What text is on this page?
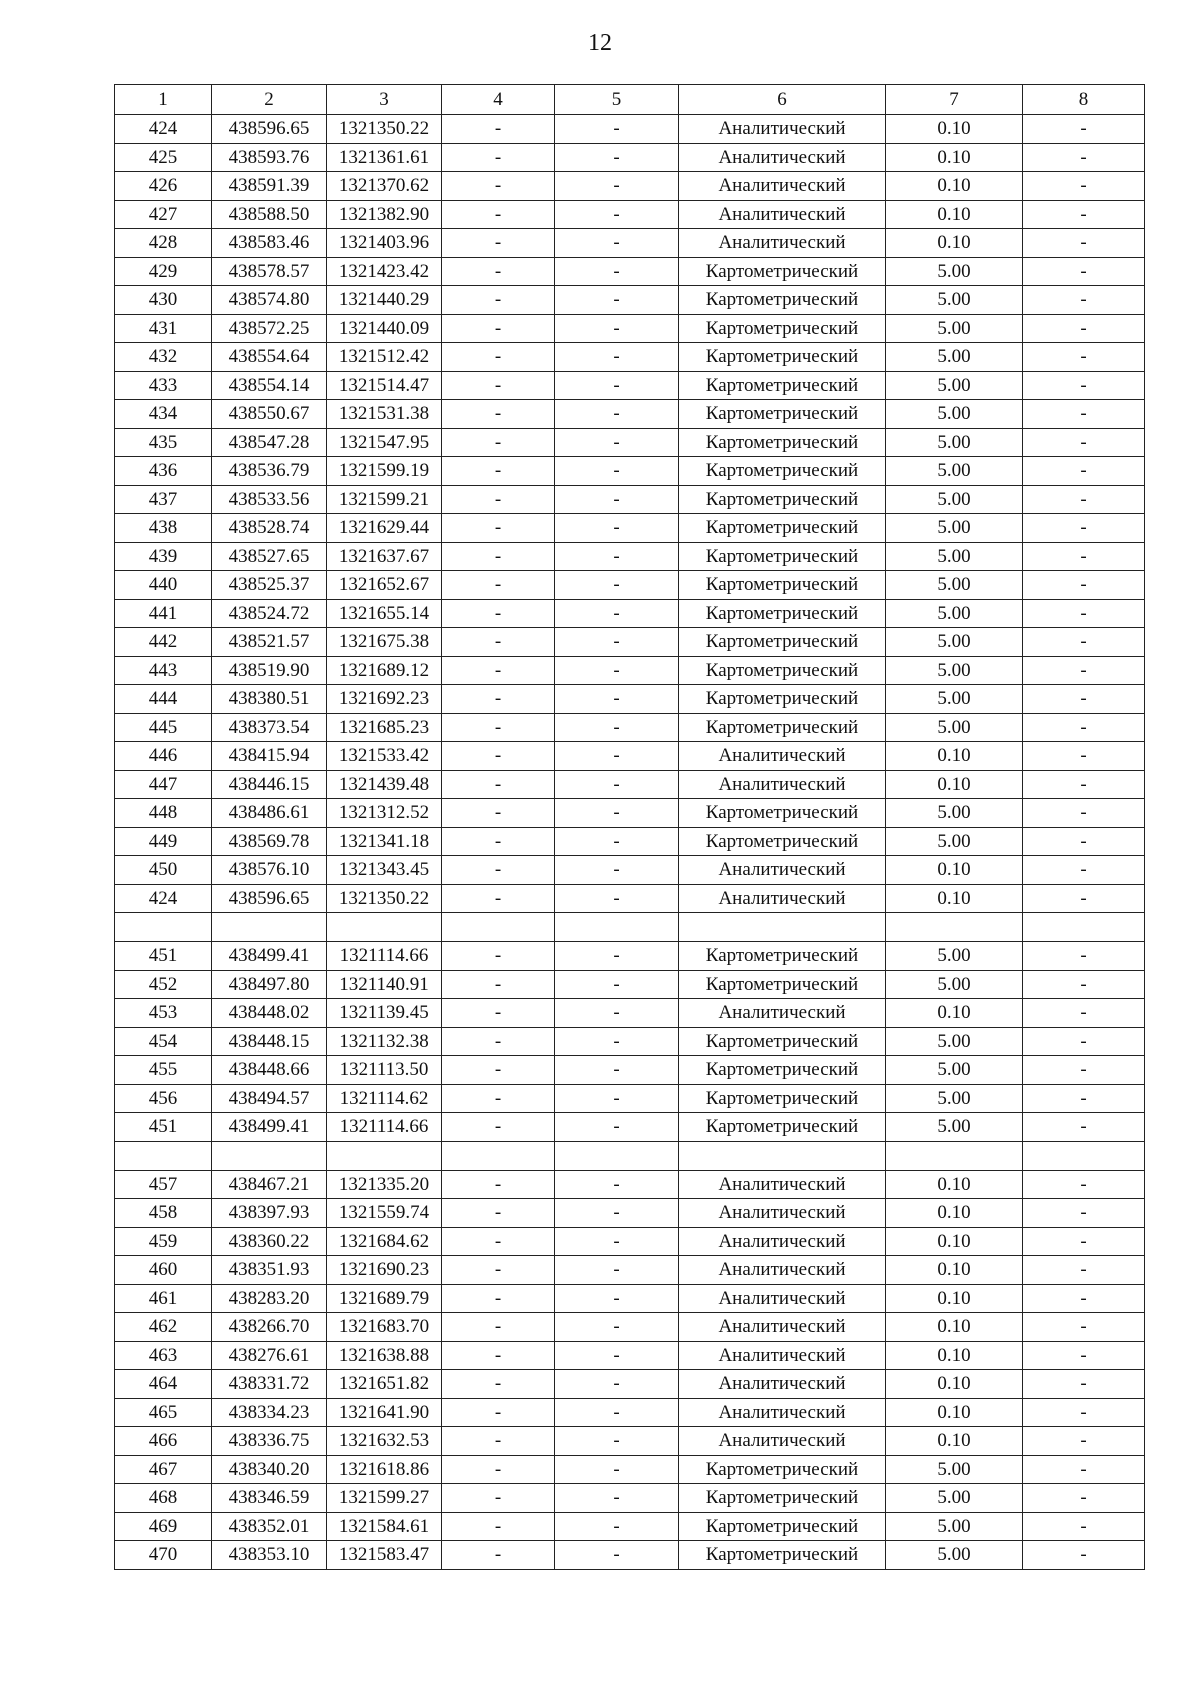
12
1	2	3	4	5	6	7	8
424	438596.65	1321350.22	-	-	Аналитический	0.10	-
425	438593.76	1321361.61	-	-	Аналитический	0.10	-
426	438591.39	1321370.62	-	-	Аналитический	0.10	-
427	438588.50	1321382.90	-	-	Аналитический	0.10	-
428	438583.46	1321403.96	-	-	Аналитический	0.10	-
429	438578.57	1321423.42	-	-	Картометрический	5.00	-
430	438574.80	1321440.29	-	-	Картометрический	5.00	-
431	438572.25	1321440.09	-	-	Картометрический	5.00	-
432	438554.64	1321512.42	-	-	Картометрический	5.00	-
433	438554.14	1321514.47	-	-	Картометрический	5.00	-
434	438550.67	1321531.38	-	-	Картометрический	5.00	-
435	438547.28	1321547.95	-	-	Картометрический	5.00	-
436	438536.79	1321599.19	-	-	Картометрический	5.00	-
437	438533.56	1321599.21	-	-	Картометрический	5.00	-
438	438528.74	1321629.44	-	-	Картометрический	5.00	-
439	438527.65	1321637.67	-	-	Картометрический	5.00	-
440	438525.37	1321652.67	-	-	Картометрический	5.00	-
441	438524.72	1321655.14	-	-	Картометрический	5.00	-
442	438521.57	1321675.38	-	-	Картометрический	5.00	-
443	438519.90	1321689.12	-	-	Картометрический	5.00	-
444	438380.51	1321692.23	-	-	Картометрический	5.00	-
445	438373.54	1321685.23	-	-	Картометрический	5.00	-
446	438415.94	1321533.42	-	-	Аналитический	0.10	-
447	438446.15	1321439.48	-	-	Аналитический	0.10	-
448	438486.61	1321312.52	-	-	Картометрический	5.00	-
449	438569.78	1321341.18	-	-	Картометрический	5.00	-
450	438576.10	1321343.45	-	-	Аналитический	0.10	-
424	438596.65	1321350.22	-	-	Аналитический	0.10	-

451	438499.41	1321114.66	-	-	Картометрический	5.00	-
452	438497.80	1321140.91	-	-	Картометрический	5.00	-
453	438448.02	1321139.45	-	-	Аналитический	0.10	-
454	438448.15	1321132.38	-	-	Картометрический	5.00	-
455	438448.66	1321113.50	-	-	Картометрический	5.00	-
456	438494.57	1321114.62	-	-	Картометрический	5.00	-
451	438499.41	1321114.66	-	-	Картометрический	5.00	-

457	438467.21	1321335.20	-	-	Аналитический	0.10	-
458	438397.93	1321559.74	-	-	Аналитический	0.10	-
459	438360.22	1321684.62	-	-	Аналитический	0.10	-
460	438351.93	1321690.23	-	-	Аналитический	0.10	-
461	438283.20	1321689.79	-	-	Аналитический	0.10	-
462	438266.70	1321683.70	-	-	Аналитический	0.10	-
463	438276.61	1321638.88	-	-	Аналитический	0.10	-
464	438331.72	1321651.82	-	-	Аналитический	0.10	-
465	438334.23	1321641.90	-	-	Аналитический	0.10	-
466	438336.75	1321632.53	-	-	Аналитический	0.10	-
467	438340.20	1321618.86	-	-	Картометрический	5.00	-
468	438346.59	1321599.27	-	-	Картометрический	5.00	-
469	438352.01	1321584.61	-	-	Картометрический	5.00	-
470	438353.10	1321583.47	-	-	Картометрический	5.00	-
